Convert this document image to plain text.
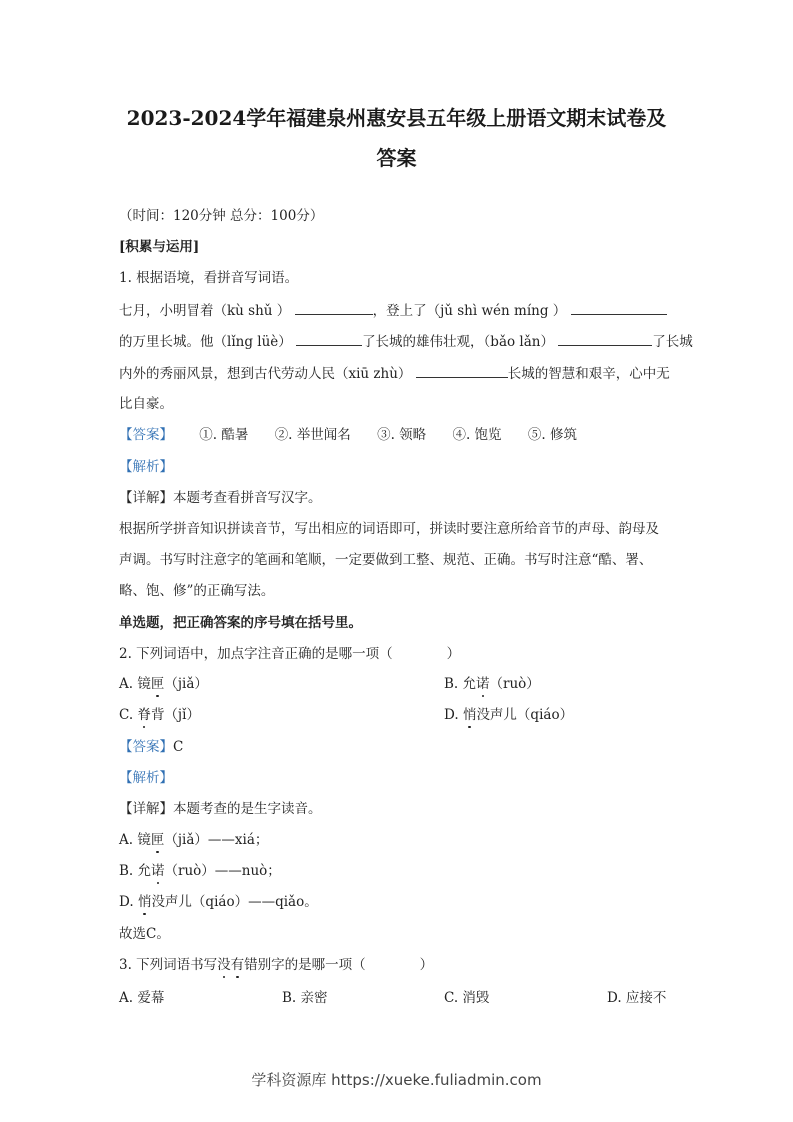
2023-2024学年福建泉州惠安县五年级上册语文期末试卷及
答案
（时间：120分钟 总分：100分）
[积累与运用]
1. 根据语境，看拼音写词语。
七月，小明冒着（kù shǔ ）	，登上了（jǔ shì wén míng ）
的万里长城。他（lǐng lüè）	了长城的雄伟壮观，（bǎo lǎn）	了长城
内外的秀丽风景，想到古代劳动人民（xiū zhù）	长城的智慧和艰辛，心中无
比自豪。
【答案】 ①. 酷暑 ②. 举世闻名 ③. 领略 ④. 饱览 ⑤. 修筑
【解析】
【详解】本题考查看拼音写汉字。
根据所学拼音知识拼读音节，写出相应的词语即可，拼读时要注意所给音节的声母、韵母及
声调。书写时注意字的笔画和笔顺，一定要做到工整、规范、正确。书写时注意“酷、署、
略、饱、修”的正确写法。
单选题，把正确答案的序号填在括号里。
2. 下列词语中，加点字注音正确的是哪一项（　　　　）
A. 镜匣（jiǎ）	B. 允诺（ruò）
C. 脊背（jǐ）	D. 悄没声儿（qiáo）
【答案】C
【解析】
【详解】本题考查的是生字读音。
A. 镜匣（jiǎ）——xiá；
B. 允诺（ruò）——nuò；
D. 悄没声儿（qiáo）——qiǎo。
故选C。
3. 下列词语书写没有错别字的是哪一项（　　　　）
A. 爱幕	B. 亲密	C. 消毁	D. 应接不
学科资源库 https://xueke.fuliadmin.com
